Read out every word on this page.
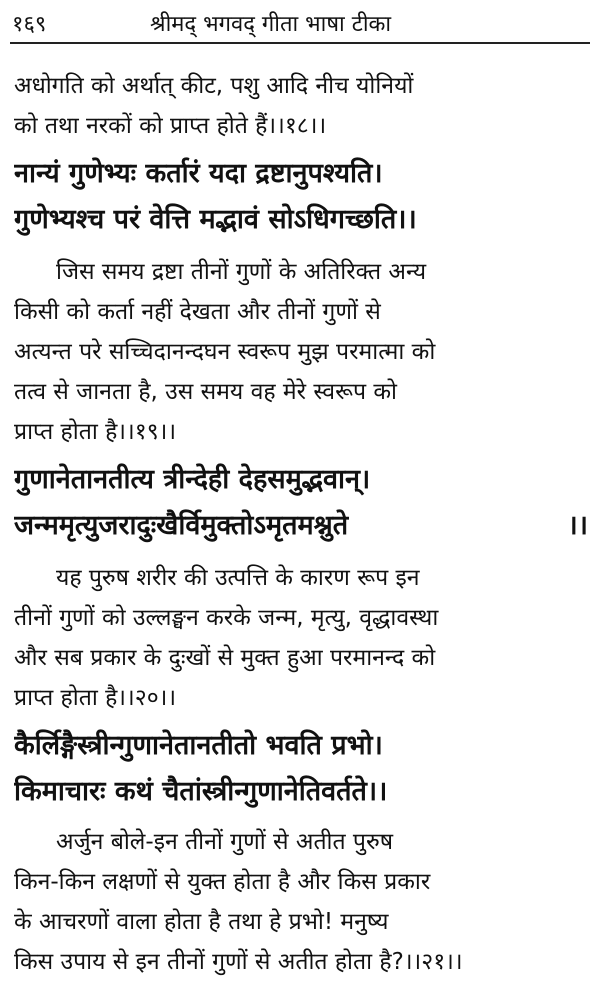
१६९	श्रीमद् भगवद् गीता भाषा टीका
अधोगति को अर्थात् कीट, पशु आदि नीच योनियों
को तथा नरकों को प्राप्त होते हैं।।१८।।
नान्यं गुणेभ्यः कर्तारं यदा द्रष्टानुपश्यति।
गुणेभ्यश्च परं वेत्ति मद्भावं सोऽधिगच्छति।।
जिस समय द्रष्टा तीनों गुणों के अतिरिक्त अन्य
किसी को कर्ता नहीं देखता और तीनों गुणों से
अत्यन्त परे सच्चिदानन्दघन स्वरूप मुझ परमात्मा को
तत्व से जानता है, उस समय वह मेरे स्वरूप को
प्राप्त होता है।।१९।।
गुणानेतानतीत्य त्रीन्देही देहसमुद्भवान्।
जन्ममृत्युजरादुःखैर्विमुक्तोऽमृतमश्नुते	।।
यह पुरुष शरीर की उत्पत्ति के कारण रूप इन
तीनों गुणों को उल्लङ्घन करके जन्म, मृत्यु, वृद्धावस्था
और सब प्रकार के दुःखों से मुक्त हुआ परमानन्द को
प्राप्त होता है।।२०।।
कैर्लिङ्गैस्त्रीन्गुणानेतानतीतो भवति प्रभो।
किमाचारः कथं चैतांस्त्रीन्गुणानेतिवर्तते।।
अर्जुन बोले-इन तीनों गुणों से अतीत पुरुष
किन-किन लक्षणों से युक्त होता है और किस प्रकार
के आचरणों वाला होता है तथा हे प्रभो! मनुष्य
किस उपाय से इन तीनों गुणों से अतीत होता है?।।२१।।
